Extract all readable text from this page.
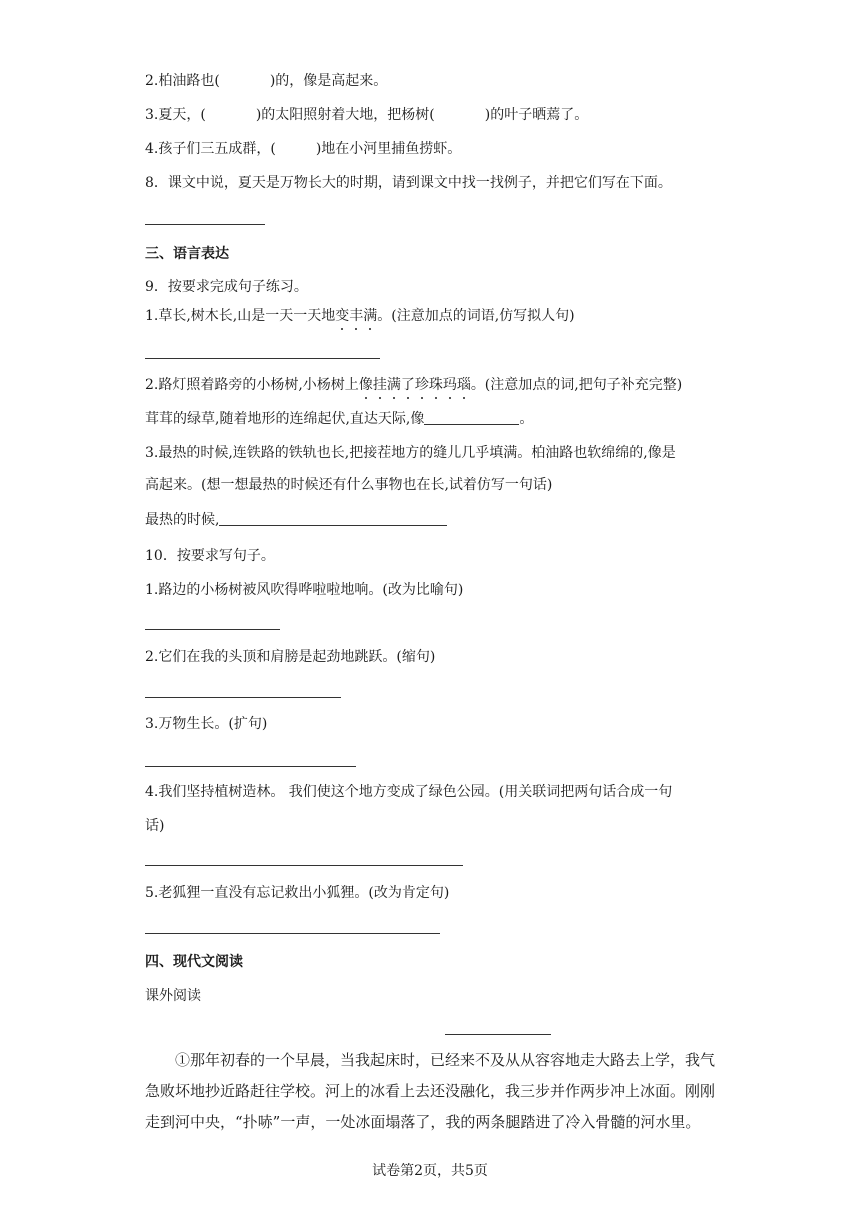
2.柏油路也(	)的，像是高起来。
3.夏天，(	)的太阳照射着大地，把杨树(	)的叶子晒蔫了。
4.孩子们三五成群，(	)地在小河里捕鱼捞虾。
8．课文中说，夏天是万物长大的时期，请到课文中找一找例子，并把它们写在下面。
三、语言表达
9．按要求完成句子练习。
1.草长,树木长,山是一天一天地变丰满。(注意加点的词语,仿写拟人句)
2.路灯照着路旁的小杨树,小杨树上像挂满了珍珠玛瑙。(注意加点的词,把句子补充完整)
茸茸的绿草,随着地形的连绵起伏,直达天际,像	。
3.最热的时候,连铁路的铁轨也长,把接茬地方的缝儿几乎填满。柏油路也软绵绵的,像是
高起来。(想一想最热的时候还有什么事物也在长,试着仿写一句话)
最热的时候,
10．按要求写句子。
1.路边的小杨树被风吹得哗啦啦地响。(改为比喻句)
2.它们在我的头顶和肩膀是起劲地跳跃。(缩句)
3.万物生长。(扩句)
4.我们坚持植树造林。 我们使这个地方变成了绿色公园。(用关联词把两句话合成一句
话)
5.老狐狸一直没有忘记救出小狐狸。(改为肯定句)
四、现代文阅读
课外阅读

①那年初春的一个早晨，当我起床时，已经来不及从从容容地走大路去上学，我气

急败坏地抄近路赶往学校。河上的冰看上去还没融化，我三步并作两步冲上冰面。刚刚

走到河中央，“扑哧”一声，一处冰面塌落了，我的两条腿踏进了冷入骨髓的河水里。

试卷第2页，共5页
